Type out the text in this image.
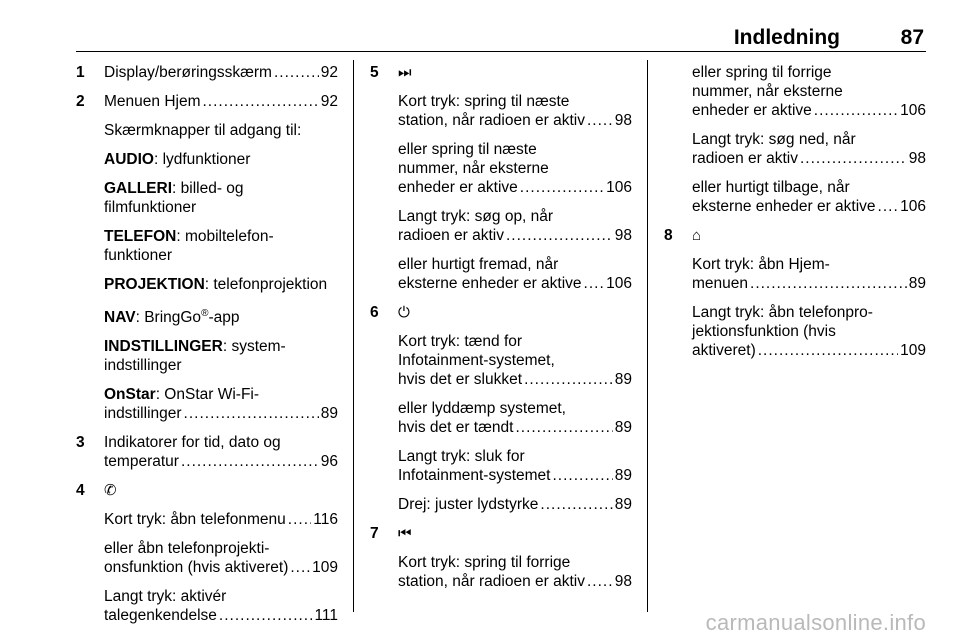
Indledning	87
1 Display/berøringsskærm .....	92
2 Menuen Hjem .....	92
Skærmknapper til adgang til:
AUDIO: lydfunktioner
GALLERI: billed- og
filmfunktioner
TELEFON: mobiltelefon-
funktioner
PROJEKTION: telefonprojektion
NAV: BringGo®-app
INDSTILLINGER: system-
indstillinger
OnStar: OnStar Wi-Fi-
indstillinger .....	89
3 Indikatorer for tid, dato og
temperatur .....	96
4 ✆
Kort tryk: åbn telefonmenu ..... 116
eller åbn telefonprojekti-
onsfunktion (hvis aktiveret) ..... 109
Langt tryk: aktivér
talegenkendelse .....	111
5 ⏭
Kort tryk: spring til næste
station, når radioen er aktiv ..... 98
eller spring til næste
nummer, når eksterne
enheder er aktive .....	106
Langt tryk: søg op, når
radioen er aktiv .....	98
eller hurtigt fremad, når
eksterne enheder er aktive ..... 106
6 ⏻
Kort tryk: tænd for
Infotainment-systemet,
hvis det er slukket .....	89
eller lyddæmp systemet,
hvis det er tændt .....	89
Langt tryk: sluk for
Infotainment-systemet .....	89
Drej: juster lydstyrke .....	89
7 ⏮
Kort tryk: spring til forrige
station, når radioen er aktiv ..... 98
eller spring til forrige
nummer, når eksterne
enheder er aktive .....	106
Langt tryk: søg ned, når
radioen er aktiv .....	98
eller hurtigt tilbage, når
eksterne enheder er aktive ..... 106
8 ⌂
Kort tryk: åbn Hjem-
menuen .....	89
Langt tryk: åbn telefonpro-
jektionsfunktion (hvis
aktiveret) .....	109
carmanualsonline.info
